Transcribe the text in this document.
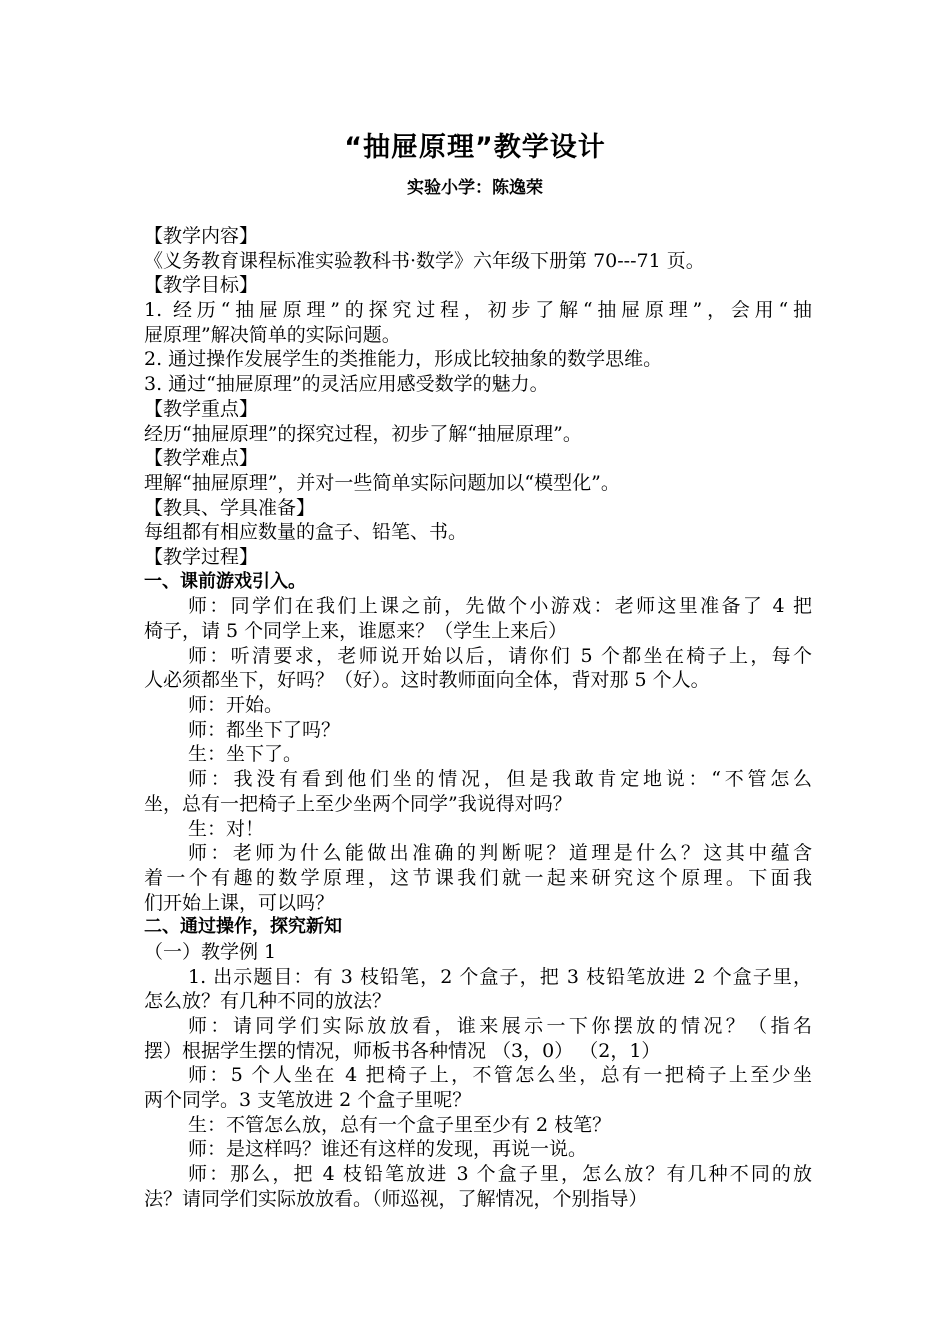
“抽屉原理”教学设计
实验小学：陈逸荣
【教学内容】
《义务教育课程标准实验教科书·数学》六年级下册第 70---71 页。
【教学目标】
1. 经历“抽屉原理”的探究过程，初步了解“抽屉原理”，会用“抽
屉原理”解决简单的实际问题。
2. 通过操作发展学生的类推能力，形成比较抽象的数学思维。
3. 通过“抽屉原理”的灵活应用感受数学的魅力。
【教学重点】
经历“抽屉原理”的探究过程，初步了解“抽屉原理”。
【教学难点】
理解“抽屉原理”，并对一些简单实际问题加以“模型化”。
【教具、学具准备】
每组都有相应数量的盒子、铅笔、书。
【教学过程】
一、课前游戏引入。
师：同学们在我们上课之前，先做个小游戏：老师这里准备了 4 把
椅子，请 5 个同学上来，谁愿来？（学生上来后）
师：听清要求，老师说开始以后，请你们 5 个都坐在椅子上，每个
人必须都坐下，好吗？（好）。这时教师面向全体，背对那 5 个人。
师：开始。
师：都坐下了吗？
生：坐下了。
师：我没有看到他们坐的情况，但是我敢肯定地说：“不管怎么
坐，总有一把椅子上至少坐两个同学”我说得对吗？
生：对！
师：老师为什么能做出准确的判断呢？道理是什么？这其中蕴含
着一个有趣的数学原理，这节课我们就一起来研究这个原理。下面我
们开始上课，可以吗？
二、通过操作，探究新知
（一）教学例 1
1. 出示题目：有 3 枝铅笔，2 个盒子，把 3 枝铅笔放进 2 个盒子里，
怎么放？有几种不同的放法？
师：请同学们实际放放看，谁来展示一下你摆放的情况？（指名
摆）根据学生摆的情况，师板书各种情况 （3，0） （2，1）
师：5 个人坐在 4 把椅子上，不管怎么坐，总有一把椅子上至少坐
两个同学。3 支笔放进 2 个盒子里呢？
生：不管怎么放，总有一个盒子里至少有 2 枝笔？
师：是这样吗？谁还有这样的发现，再说一说。
师：那么，把 4 枝铅笔放进 3 个盒子里，怎么放？有几种不同的放
法？请同学们实际放放看。（师巡视，了解情况，个别指导）
